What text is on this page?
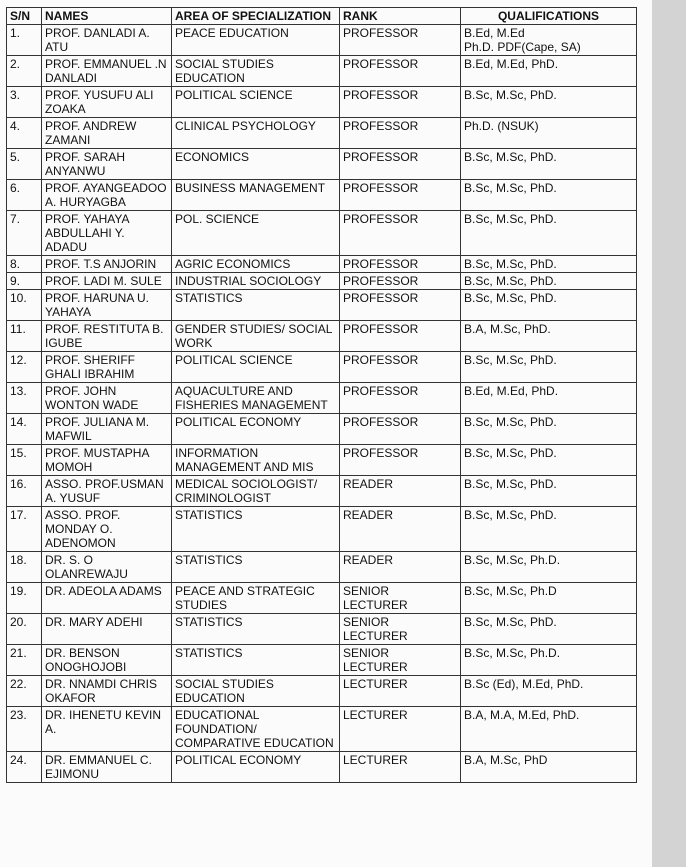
S/N	NAMES	AREA OF SPECIALIZATION	RANK	QUALIFICATIONS
1.	PROF. DANLADI A. ATU	PEACE EDUCATION	PROFESSOR	B.Ed, M.Ed
Ph.D. PDF(Cape, SA)
2.	PROF. EMMANUEL .N DANLADI	SOCIAL STUDIES EDUCATION	PROFESSOR	B.Ed, M.Ed, PhD.
3.	PROF. YUSUFU ALI ZOAKA	POLITICAL SCIENCE	PROFESSOR	B.Sc, M.Sc, PhD.
4.	PROF. ANDREW ZAMANI	CLINICAL PSYCHOLOGY	PROFESSOR	Ph.D. (NSUK)
5.	PROF. SARAH ANYANWU	ECONOMICS	PROFESSOR	B.Sc, M.Sc, PhD.
6.	PROF. AYANGEADOO A. HURYAGBA	BUSINESS MANAGEMENT	PROFESSOR	B.Sc, M.Sc, PhD.
7.	PROF. YAHAYA ABDULLAHI Y. ADADU	POL. SCIENCE	PROFESSOR	B.Sc, M.Sc, PhD.
8.	PROF. T.S ANJORIN	AGRIC ECONOMICS	PROFESSOR	B.Sc, M.Sc, PhD.
9.	PROF. LADI M. SULE	INDUSTRIAL SOCIOLOGY	PROFESSOR	B.Sc, M.Sc, PhD.
10.	PROF. HARUNA U. YAHAYA	STATISTICS	PROFESSOR	B.Sc, M.Sc, PhD.
11.	PROF. RESTITUTA B. IGUBE	GENDER STUDIES/ SOCIAL WORK	PROFESSOR	B.A, M.Sc, PhD.
12.	PROF. SHERIFF GHALI IBRAHIM	POLITICAL SCIENCE	PROFESSOR	B.Sc, M.Sc, PhD.
13.	PROF. JOHN WONTON WADE	AQUACULTURE AND FISHERIES MANAGEMENT	PROFESSOR	B.Ed, M.Ed, PhD.
14.	PROF. JULIANA M. MAFWIL	POLITICAL ECONOMY	PROFESSOR	B.Sc, M.Sc, PhD.
15.	PROF. MUSTAPHA MOMOH	INFORMATION MANAGEMENT AND MIS	PROFESSOR	B.Sc, M.Sc, PhD.
16.	ASSO. PROF.USMAN A. YUSUF	MEDICAL SOCIOLOGIST/ CRIMINOLOGIST	READER	B.Sc, M.Sc, PhD.
17.	ASSO. PROF. MONDAY O. ADENOMON	STATISTICS	READER	B.Sc, M.Sc, PhD.
18.	DR. S. O OLANREWAJU	STATISTICS	READER	B.Sc, M.Sc, Ph.D.
19.	DR. ADEOLA ADAMS	PEACE AND STRATEGIC STUDIES	SENIOR LECTURER	B.Sc, M.Sc, Ph.D
20.	DR. MARY ADEHI	STATISTICS	SENIOR LECTURER	B.Sc, M.Sc, PhD.
21.	DR. BENSON ONOGHOJOBI	STATISTICS	SENIOR LECTURER	B.Sc, M.Sc, Ph.D.
22.	DR. NNAMDI CHRIS OKAFOR	SOCIAL STUDIES EDUCATION	LECTURER	B.Sc (Ed), M.Ed, PhD.
23.	DR. IHENETU KEVIN A.	EDUCATIONAL FOUNDATION/ COMPARATIVE EDUCATION	LECTURER	B.A, M.A, M.Ed, PhD.
24.	DR. EMMANUEL C. EJIMONU	POLITICAL ECONOMY	LECTURER	B.A, M.Sc, PhD
